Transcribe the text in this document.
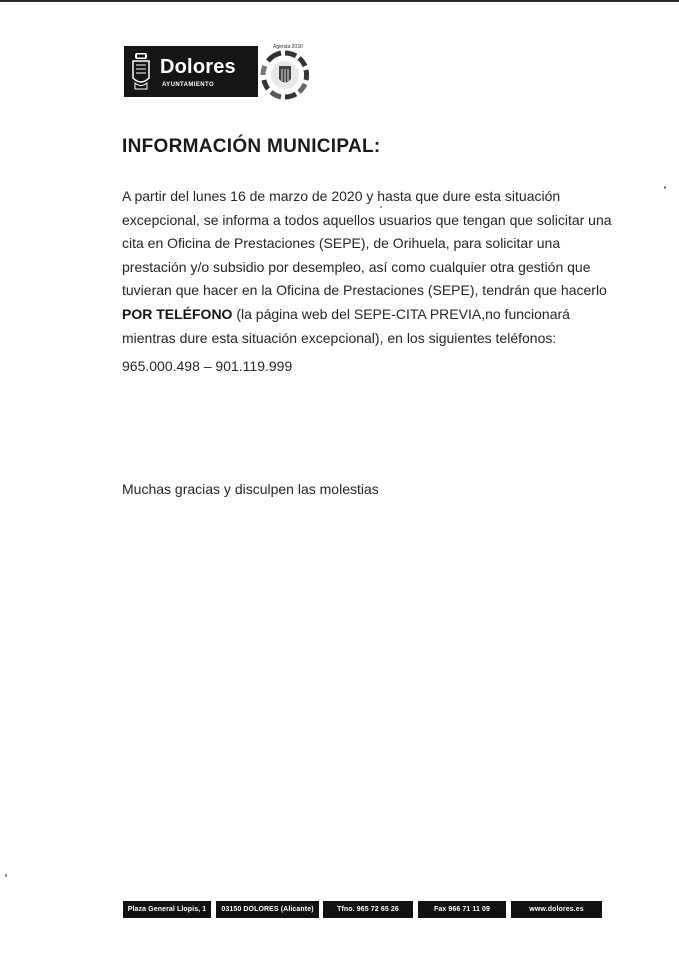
Dolores
AYUNTAMIENTO
Agenda 2030
INFORMACIÓN MUNICIPAL:
A partir del lunes 16 de marzo de 2020 y hasta que dure esta situación excepcional, se informa a todos aquellos usuarios que tengan que solicitar una cita en Oficina de Prestaciones (SEPE), de Orihuela, para solicitar una prestación y/o subsidio por desempleo, así como cualquier otra gestión que tuvieran que hacer en la Oficina de Prestaciones (SEPE), tendrán que hacerlo POR TELÉFONO (la página web del SEPE-CITA PREVIA,no funcionará mientras dure esta situación excepcional), en los siguientes teléfonos:
965.000.498 – 901.119.999
Muchas gracias y disculpen las molestias
Plaza General Llopis, 1	03150 DOLORES (Alicante)	Tfno. 965 72 65 26	Fax 966 71 11 09	www.dolores.es
